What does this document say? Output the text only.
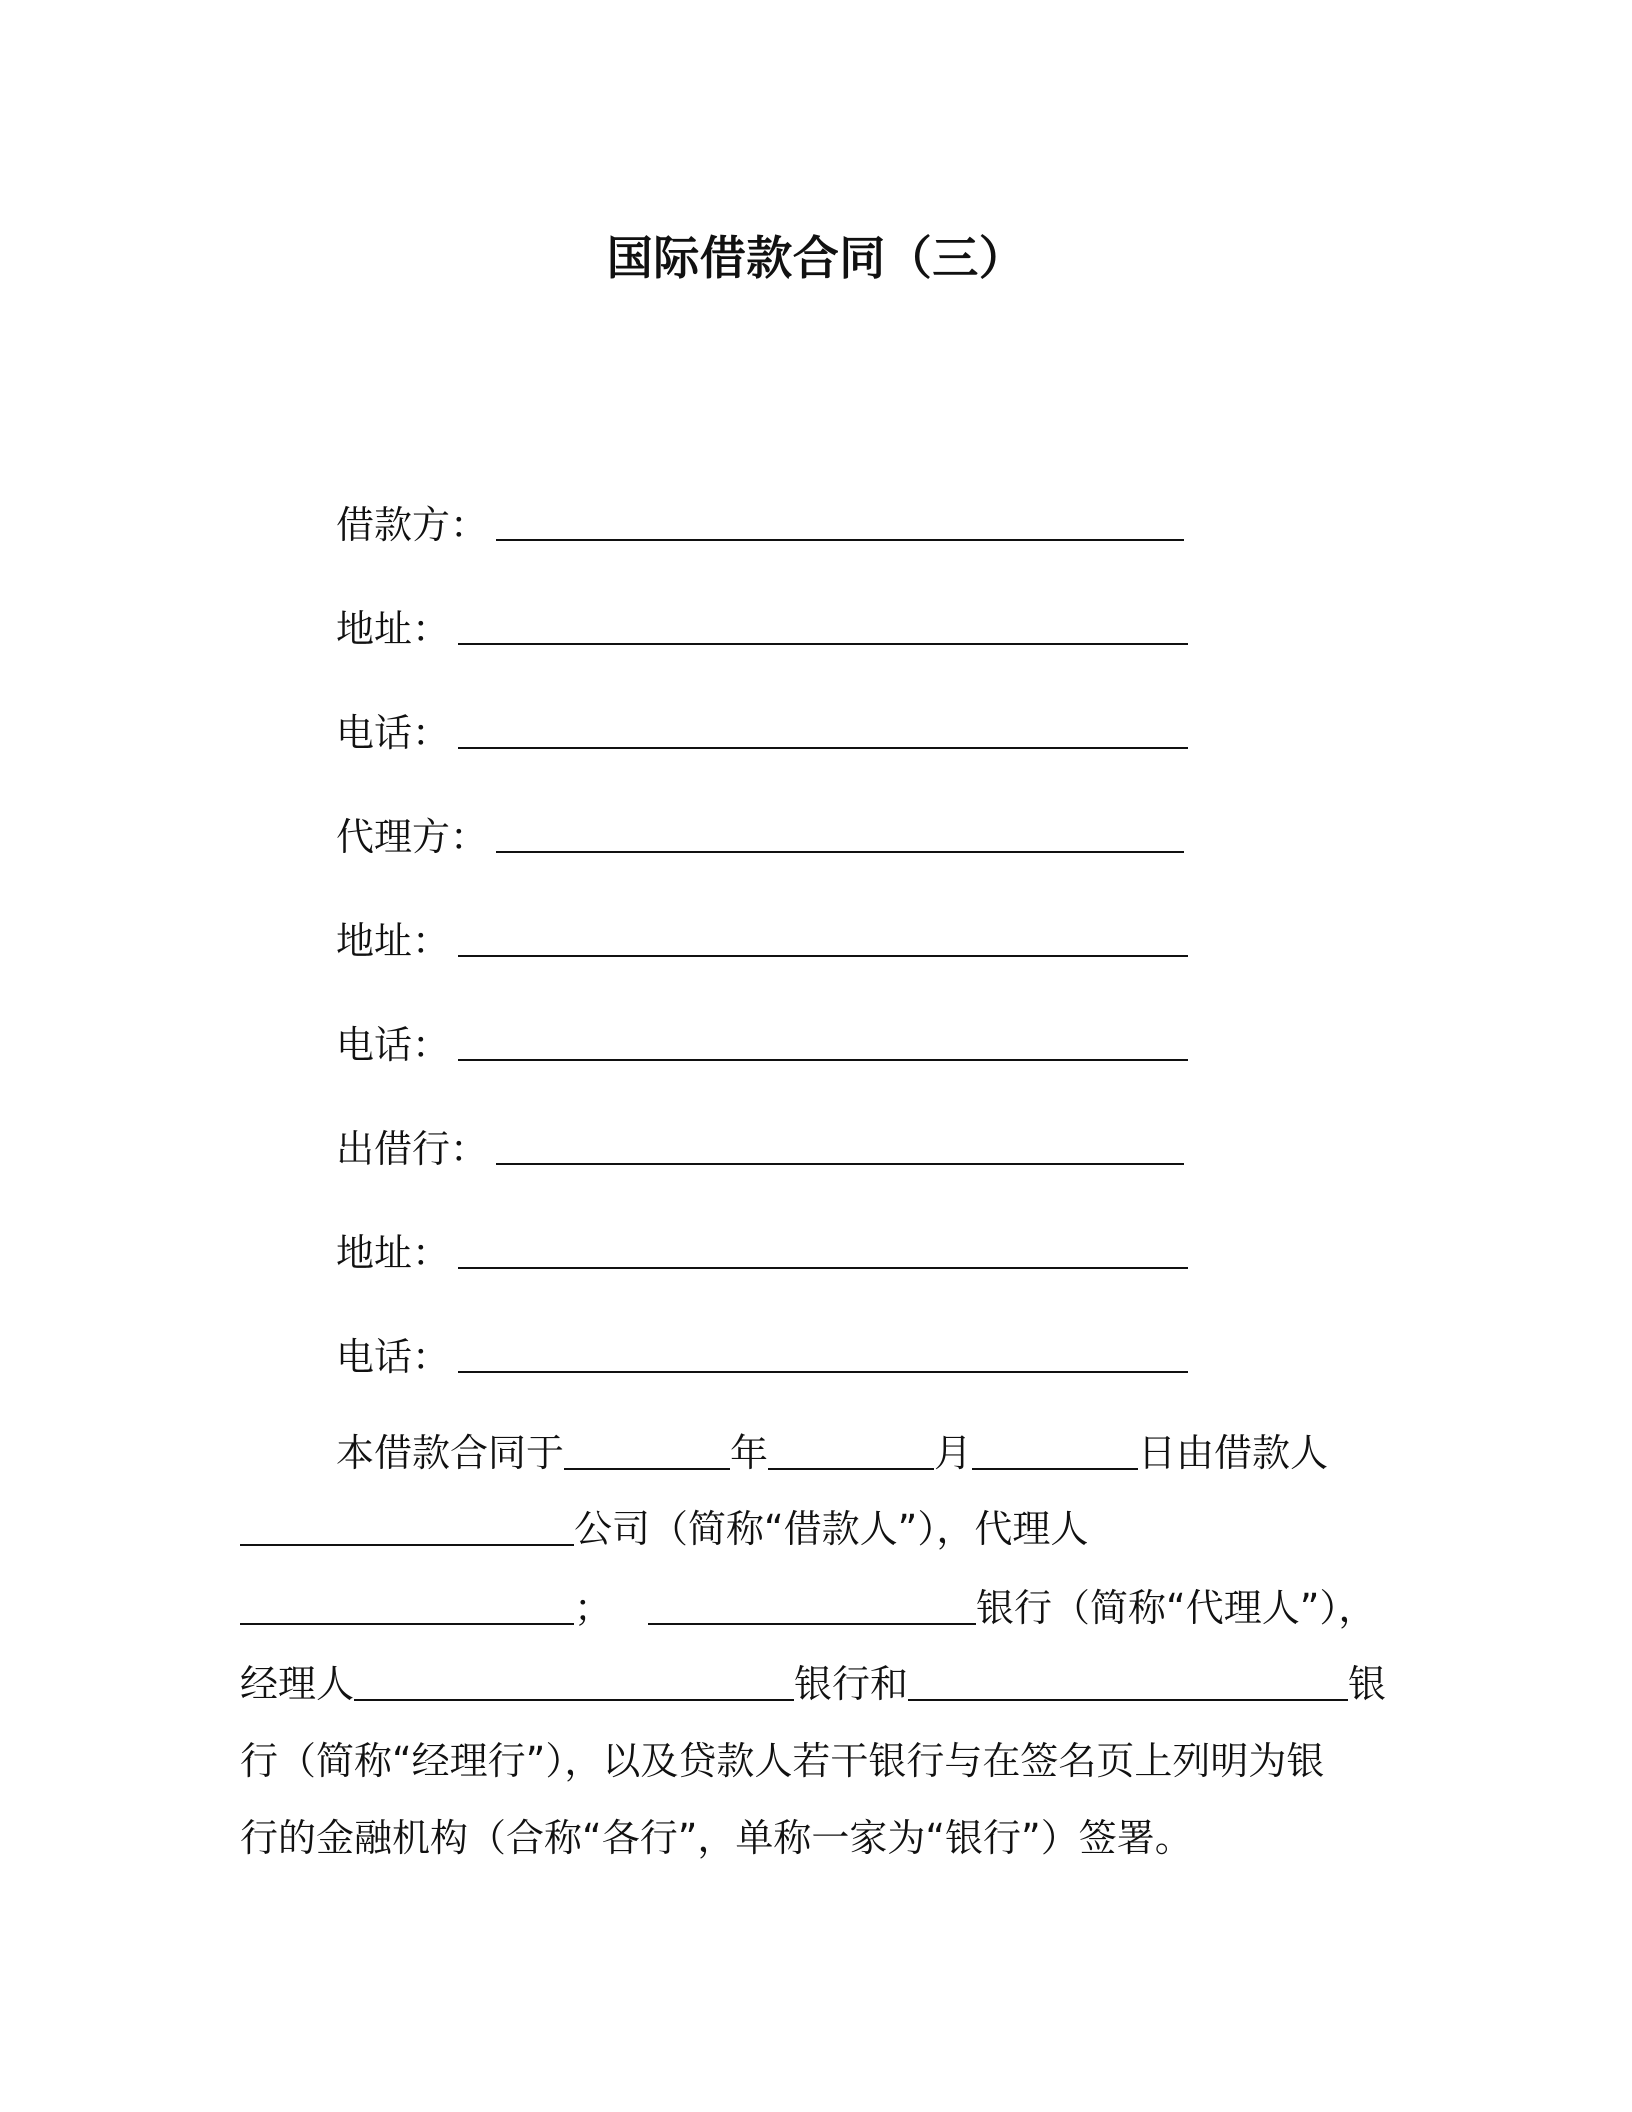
国际借款合同（三）
借款方：
地址：
电话：
代理方：
地址：
电话：
出借行：
地址：
电话：
本借款合同于	年	月	日由借款人
公司（简称“借款人”），代理人
；	银行（简称“代理人”），
经理人	银行和	银
行（简称“经理行”），以及贷款人若干银行与在签名页上列明为银
行的金融机构（合称“各行”，单称一家为“银行”）签署。
